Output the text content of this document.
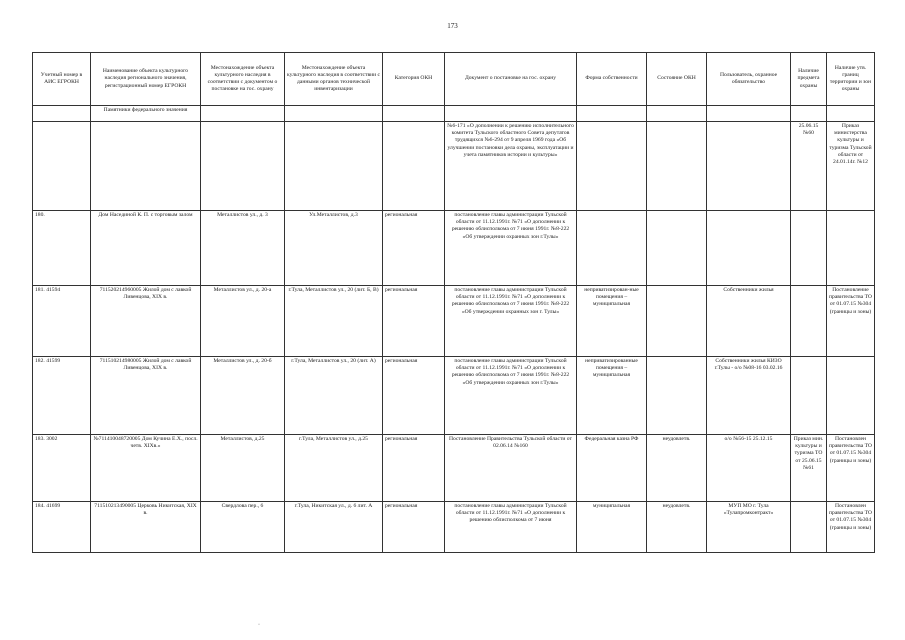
173
Учетный номер в АИС ЕГРОКН	Наименование объекта культурного наследия регионального значения, регистрационный номер ЕГРОКН	Местонахождение объекта культурного наследия в соответствии с документом о постановке на гос. охрану	Местонахождение объекта культурного наследия в соответствии с данными органов технической инвентаризации	Категория ОКН	Документ о постановке на гос. охрану	Форма собственности	Состояние ОКН	Пользователь, охранное обязательство	Наличие предмета охраны	Наличие утв. границ территории и зон охраны
	Памятники федерального значения									
					№6-171 «О дополнении к решению исполнительного комитета Тульского областного Совета депутатов трудящихся №6-294 от 9 апреля 1969 года «Об улучшении постановки дела охраны, эксплуатации и учета памятников истории и культуры»				25.06.15 №60	Приказ министерства культуры и туризма Тульской области от 24.01.14г. №12
180.	Дом Насединой К. П. с торговым залом	Металлистов ул., д. 3	Ул.Металлистов, д.3	региональная	постановление главы администрации Тульской области от 11.12.1991г. №71 «О дополнении к решению облисполкома от 7 июня 1991г. №8-222 «Об утверждении охранных зон г.Тулы»					
181. 41594	711520214960005 Жилой дом с лавкой Ливенцова, XIX в.	Металлистов ул., д. 20-а	г.Тула, Металлистов ул., 20 (лит. Б, В)	региональная	постановление главы администрации Тульской области от 11.12.1991г. №71 «О дополнении к решению облисполкома от 7 июня 1991г. №8-222 «Об утверждении охранных зон г. Тулы»	неприватизирован-ные помещения – муниципальная		Собственники жилья		Постановление правительства ТО от 01.07.15 №304 (границы и зоны)
182. 41599	711510214980005 Жилой дом с лавкой Ливенцова, XIX в.	Металлистов ул., д. 20-б	г.Тула, Металлистов ул., 20 (лит. А)	региональная	постановление главы администрации Тульской области от 11.12.1991г. №71 «О дополнении к решению облисполкома от 7 июня 1991г. №8-222 «Об утверждении охранных зон г.Тулы»	неприватизированные помещения – муниципальная		Собственники жилья КИЗО г.Тулы - о/о №08-16 03.02.16		
183. 3002	№711410048720005 Дом Кучина Е.Х., посл. четв. XIXв.»	Металлистов, д.25	г.Тула, Металлистов ул., д.25	региональная	Постановление Правительства Тульской области от 02.06.14 №160	Федеральная казна РФ	неудовлетв.	о/о №56-15 25.12.15	Приказ мин. культуры и туризма ТО от 25.06.15 №61	Постановлен правительства ТО от 01.07.15 №304 (границы и зоны)
184. 41699	711510213490005 Церковь Никитская, XIX в.	Свердлова пер., 6	г.Тула, Никитская ул., д. 6 лит. А	региональная	постановление главы администрации Тульской области от 11.12.1991г. №71 «О дополнении к решению облисполкома от 7 июня	муниципальная	неудовлетв.	МУП МО г. Тула «Тулапромконтракт»		Постановлен правительства ТО от 01.07.15 №304 (границы и зоны)
·
